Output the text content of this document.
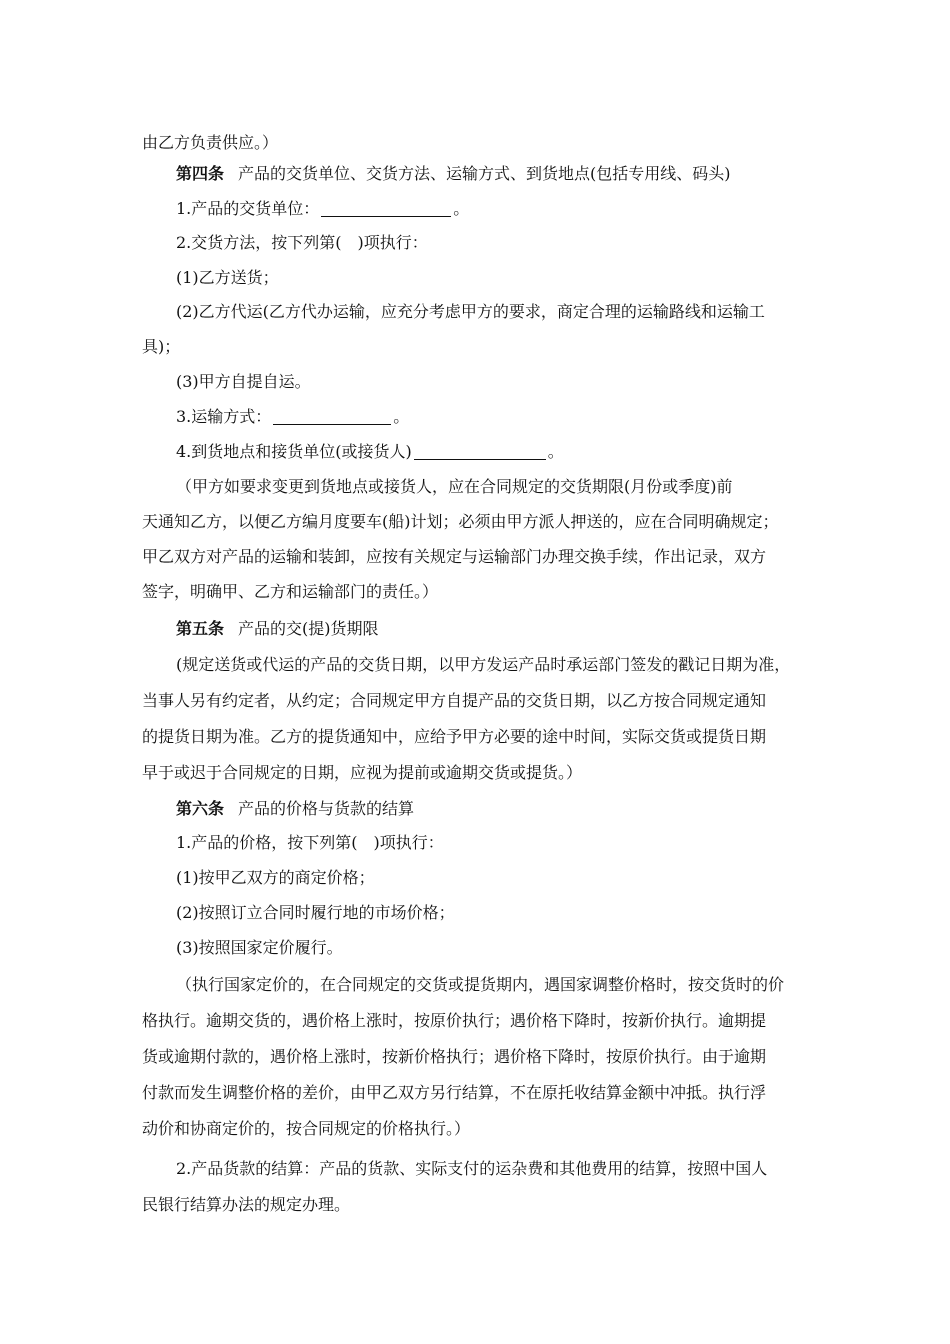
由乙方负责供应。）
第四条 产品的交货单位、交货方法、运输方式、到货地点(包括专用线、码头)
1.产品的交货单位：	。
2.交货方法，按下列第(　)项执行：
(1)乙方送货；
(2)乙方代运(乙方代办运输，应充分考虑甲方的要求，商定合理的运输路线和运输工
具)；
(3)甲方自提自运。
3.运输方式：	。
4.到货地点和接货单位(或接货人)	。
（甲方如要求变更到货地点或接货人，应在合同规定的交货期限(月份或季度)前
天通知乙方，以便乙方编月度要车(船)计划；必须由甲方派人押送的，应在合同明确规定；
甲乙双方对产品的运输和装卸，应按有关规定与运输部门办理交换手续，作出记录，双方
签字，明确甲、乙方和运输部门的责任。）
第五条 产品的交(提)货期限
(规定送货或代运的产品的交货日期，以甲方发运产品时承运部门签发的戳记日期为准，
当事人另有约定者，从约定；合同规定甲方自提产品的交货日期，以乙方按合同规定通知
的提货日期为准。乙方的提货通知中，应给予甲方必要的途中时间，实际交货或提货日期
早于或迟于合同规定的日期，应视为提前或逾期交货或提货。）
第六条 产品的价格与货款的结算
1.产品的价格，按下列第(　)项执行：
(1)按甲乙双方的商定价格；
(2)按照订立合同时履行地的市场价格；
(3)按照国家定价履行。
（执行国家定价的，在合同规定的交货或提货期内，遇国家调整价格时，按交货时的价
格执行。逾期交货的，遇价格上涨时，按原价执行；遇价格下降时，按新价执行。逾期提
货或逾期付款的，遇价格上涨时，按新价格执行；遇价格下降时，按原价执行。由于逾期
付款而发生调整价格的差价，由甲乙双方另行结算，不在原托收结算金额中冲抵。执行浮
动价和协商定价的，按合同规定的价格执行。）
2.产品货款的结算：产品的货款、实际支付的运杂费和其他费用的结算，按照中国人
民银行结算办法的规定办理。
